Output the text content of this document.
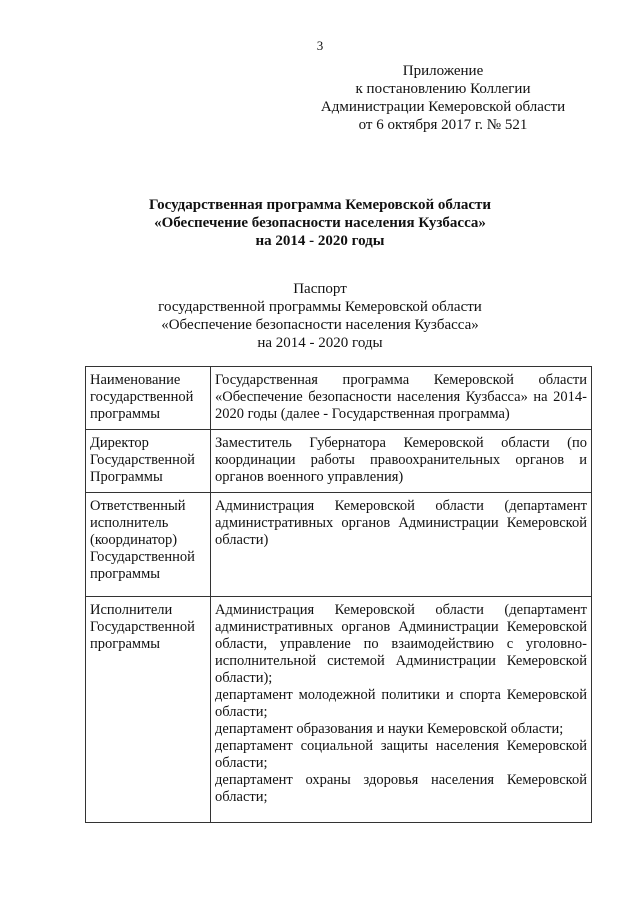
3
Приложение
к постановлению Коллегии
Администрации Кемеровской области
от 6 октября 2017 г. № 521
Государственная программа Кемеровской области
«Обеспечение безопасности населения Кузбасса»
на 2014 - 2020 годы
Паспорт
государственной программы Кемеровской области
«Обеспечение безопасности населения Кузбасса»
на 2014 - 2020 годы
Наименование государственной программы	Государственная программа Кемеровской области «Обеспечение безопасности населения Кузбасса» на 2014-2020 годы (далее - Государственная программа)
Директор Государственной Программы	Заместитель Губернатора Кемеровской области (по координации работы правоохранительных органов и органов военного управления)
Ответственный исполнитель (координатор) Государственной программы	Администрация Кемеровской области (департамент административных органов Администрации Кемеровской области)
Исполнители Государственной программы	Администрация Кемеровской области (департамент административных органов Администрации Кемеровской области, управление по взаимодействию с уголовно-исполнительной системой Администрации Кемеровской области);
департамент молодежной политики и спорта Кемеровской области;
департамент образования и науки Кемеровской области;
департамент социальной защиты населения Кемеровской области;
департамент охраны здоровья населения Кемеровской области;
